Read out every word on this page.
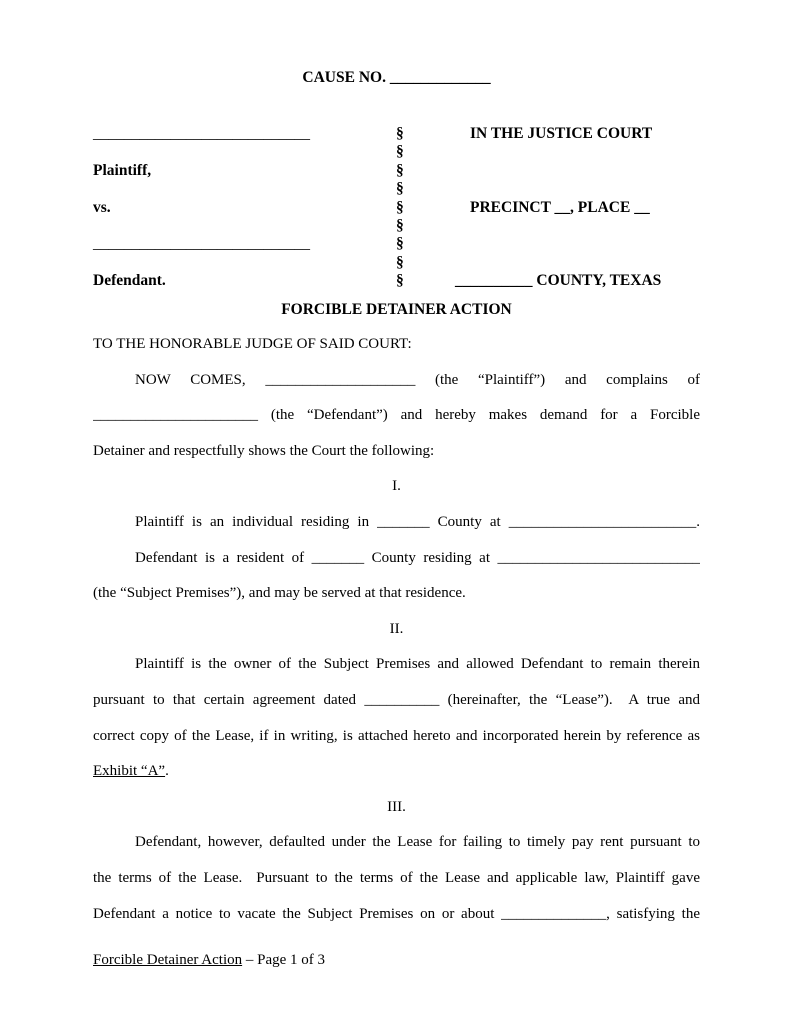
CAUSE NO. _____________
____________________________
Plaintiff,
vs.
____________________________
Defendant.
§
§
§
§
§
§
§
§
§
IN THE JUSTICE COURT
PRECINCT __, PLACE __
__________ COUNTY, TEXAS
FORCIBLE DETAINER ACTION
TO THE HONORABLE JUDGE OF SAID COURT:
NOW COMES, ____________________ (the “Plaintiff”) and complains of
______________________ (the “Defendant”) and hereby makes demand for a Forcible
Detainer and respectfully shows the Court the following:
I.
Plaintiff is an individual residing in _______ County at _________________________.
Defendant is a resident of _______ County residing at ___________________________
(the “Subject Premises”), and may be served at that residence.
II.
Plaintiff is the owner of the Subject Premises and allowed Defendant to remain therein
pursuant to that certain agreement dated __________ (hereinafter, the “Lease”).  A true and
correct copy of the Lease, if in writing, is attached hereto and incorporated herein by reference as
Exhibit “A”.
III.
Defendant, however, defaulted under the Lease for failing to timely pay rent pursuant to
the terms of the Lease.  Pursuant to the terms of the Lease and applicable law, Plaintiff gave
Defendant a notice to vacate the Subject Premises on or about ______________, satisfying the
Forcible Detainer Action – Page 1 of 3
